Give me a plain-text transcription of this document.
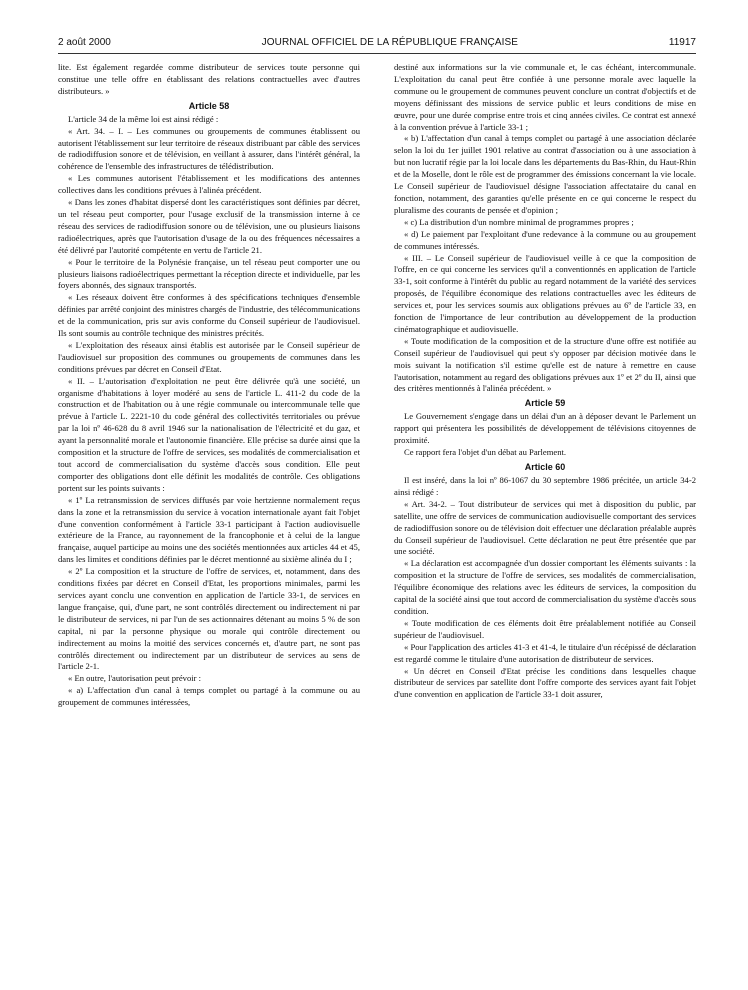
2 août 2000	JOURNAL OFFICIEL DE LA RÉPUBLIQUE FRANÇAISE	11917

lite. Est également regardée comme distributeur de services toute personne qui constitue une telle offre en établissant des relations contractuelles avec d'autres distributeurs. »

Article 58

L'article 34 de la même loi est ainsi rédigé :

« Art. 34. – I. – Les communes ou groupements de communes établissent ou autorisent l'établissement sur leur territoire de réseaux distribuant par câble des services de radiodiffusion sonore et de télévision, en veillant à assurer, dans l'intérêt général, la cohérence de l'ensemble des infrastructures de télédistribution.

« Les communes autorisent l'établissement et les modifications des antennes collectives dans les conditions prévues à l'alinéa précédent.

« Dans les zones d'habitat dispersé dont les caractéristiques sont définies par décret, un tel réseau peut comporter, pour l'usage exclusif de la transmission interne à ce réseau des services de radiodiffusion sonore ou de télévision, une ou plusieurs liaisons radioélectriques, après que l'autorisation d'usage de la ou des fréquences nécessaires a été délivré par l'autorité compétente en vertu de l'article 21.

« Pour le territoire de la Polynésie française, un tel réseau peut comporter une ou plusieurs liaisons radioélectriques permettant la réception directe et individuelle, par les foyers abonnés, des signaux transportés.

« Les réseaux doivent être conformes à des spécifications techniques d'ensemble définies par arrêté conjoint des ministres chargés de l'industrie, des télécommunications et de la communication, pris sur avis conforme du Conseil supérieur de l'audiovisuel. Ils sont soumis au contrôle technique des ministres précités.

« L'exploitation des réseaux ainsi établis est autorisée par le Conseil supérieur de l'audiovisuel sur proposition des communes ou groupements de communes dans les conditions prévues par décret en Conseil d'Etat.

« II. – L'autorisation d'exploitation ne peut être délivrée qu'à une société, un organisme d'habitations à loyer modéré au sens de l'article L. 411-2 du code de la construction et de l'habitation ou à une régie communale ou intercommunale telle que prévue à l'article L. 2221-10 du code général des collectivités territoriales ou prévue par la loi nº 46-628 du 8 avril 1946 sur la nationalisation de l'électricité et du gaz, et ayant la personnalité morale et l'autonomie financière. Elle précise sa durée ainsi que la composition et la structure de l'offre de services, ses modalités de commercialisation et tout accord de commercialisation du système d'accès sous condition. Elle peut comporter des obligations dont elle définit les modalités de contrôle. Ces obligations portent sur les points suivants :

« 1º La retransmission de services diffusés par voie hertzienne normalement reçus dans la zone et la retransmission du service à vocation internationale ayant fait l'objet d'une convention conformément à l'article 33-1 participant à l'action audiovisuelle extérieure de la France, au rayonnement de la francophonie et à celui de la langue française, auquel participe au moins une des sociétés mentionnées aux articles 44 et 45, dans les limites et conditions définies par le décret mentionné au sixième alinéa du I ;

« 2º La composition et la structure de l'offre de services, et, notamment, dans des conditions fixées par décret en Conseil d'Etat, les proportions minimales, parmi les services ayant conclu une convention en application de l'article 33-1, de services en langue française, qui, d'une part, ne sont contrôlés directement ou indirectement ni par le distributeur de services, ni par l'un de ses actionnaires détenant au moins 5 % de son capital, ni par la personne physique ou morale qui contrôle directement ou indirectement au moins la moitié des services concernés et, d'autre part, ne sont pas contrôlés directement ou indirectement par un distributeur de services au sens de l'article 2-1.

« En outre, l'autorisation peut prévoir :

« a) L'affectation d'un canal à temps complet ou partagé à la commune ou au groupement de communes intéressées,

destiné aux informations sur la vie communale et, le cas échéant, intercommunale. L'exploitation du canal peut être confiée à une personne morale avec laquelle la commune ou le groupement de communes peuvent conclure un contrat d'objectifs et de moyens définissant des missions de service public et leurs conditions de mise en œuvre, pour une durée comprise entre trois et cinq années civiles. Ce contrat est annexé à la convention prévue à l'article 33-1 ;

« b) L'affectation d'un canal à temps complet ou partagé à une association déclarée selon la loi du 1er juillet 1901 relative au contrat d'association ou à une association à but non lucratif régie par la loi locale dans les départements du Bas-Rhin, du Haut-Rhin et de la Moselle, dont le rôle est de programmer des émissions concernant la vie locale. Le Conseil supérieur de l'audiovisuel désigne l'association affectataire du canal en fonction, notamment, des garanties qu'elle présente en ce qui concerne le respect du pluralisme des courants de pensée et d'opinion ;

« c) La distribution d'un nombre minimal de programmes propres ;

« d) Le paiement par l'exploitant d'une redevance à la commune ou au groupement de communes intéressés.

« III. – Le Conseil supérieur de l'audiovisuel veille à ce que la composition de l'offre, en ce qui concerne les services qu'il a conventionnés en application de l'article 33-1, soit conforme à l'intérêt du public au regard notamment de la variété des services proposés, de l'équilibre économique des relations contractuelles avec les éditeurs de services et, pour les services soumis aux obligations prévues au 6º de l'article 33, en fonction de l'importance de leur contribution au développement de la production cinématographique et audiovisuelle.

« Toute modification de la composition et de la structure d'une offre est notifiée au Conseil supérieur de l'audiovisuel qui peut s'y opposer par décision motivée dans le mois suivant la notification s'il estime qu'elle est de nature à remettre en cause l'autorisation, notamment au regard des obligations prévues aux 1º et 2º du II, ainsi que des critères mentionnés à l'alinéa précédent. »

Article 59

Le Gouvernement s'engage dans un délai d'un an à déposer devant le Parlement un rapport qui présentera les possibilités de développement de télévisions citoyennes de proximité.

Ce rapport fera l'objet d'un débat au Parlement.

Article 60

Il est inséré, dans la loi nº 86-1067 du 30 septembre 1986 précitée, un article 34-2 ainsi rédigé :

« Art. 34-2. – Tout distributeur de services qui met à disposition du public, par satellite, une offre de services de communication audiovisuelle comportant des services de radiodiffusion sonore ou de télévision doit effectuer une déclaration préalable auprès du Conseil supérieur de l'audiovisuel. Cette déclaration ne peut être présentée que par une société.

« La déclaration est accompagnée d'un dossier comportant les éléments suivants : la composition et la structure de l'offre de services, ses modalités de commercialisation, l'équilibre économique des relations avec les éditeurs de services, la composition du capital de la société ainsi que tout accord de commercialisation du système d'accès sous condition.

« Toute modification de ces éléments doit être préalablement notifiée au Conseil supérieur de l'audiovisuel.

« Pour l'application des articles 41-3 et 41-4, le titulaire d'un récépissé de déclaration est regardé comme le titulaire d'une autorisation de distributeur de services.

« Un décret en Conseil d'Etat précise les conditions dans lesquelles chaque distributeur de services par satellite dont l'offre comporte des services ayant fait l'objet d'une convention en application de l'article 33-1 doit assurer,
